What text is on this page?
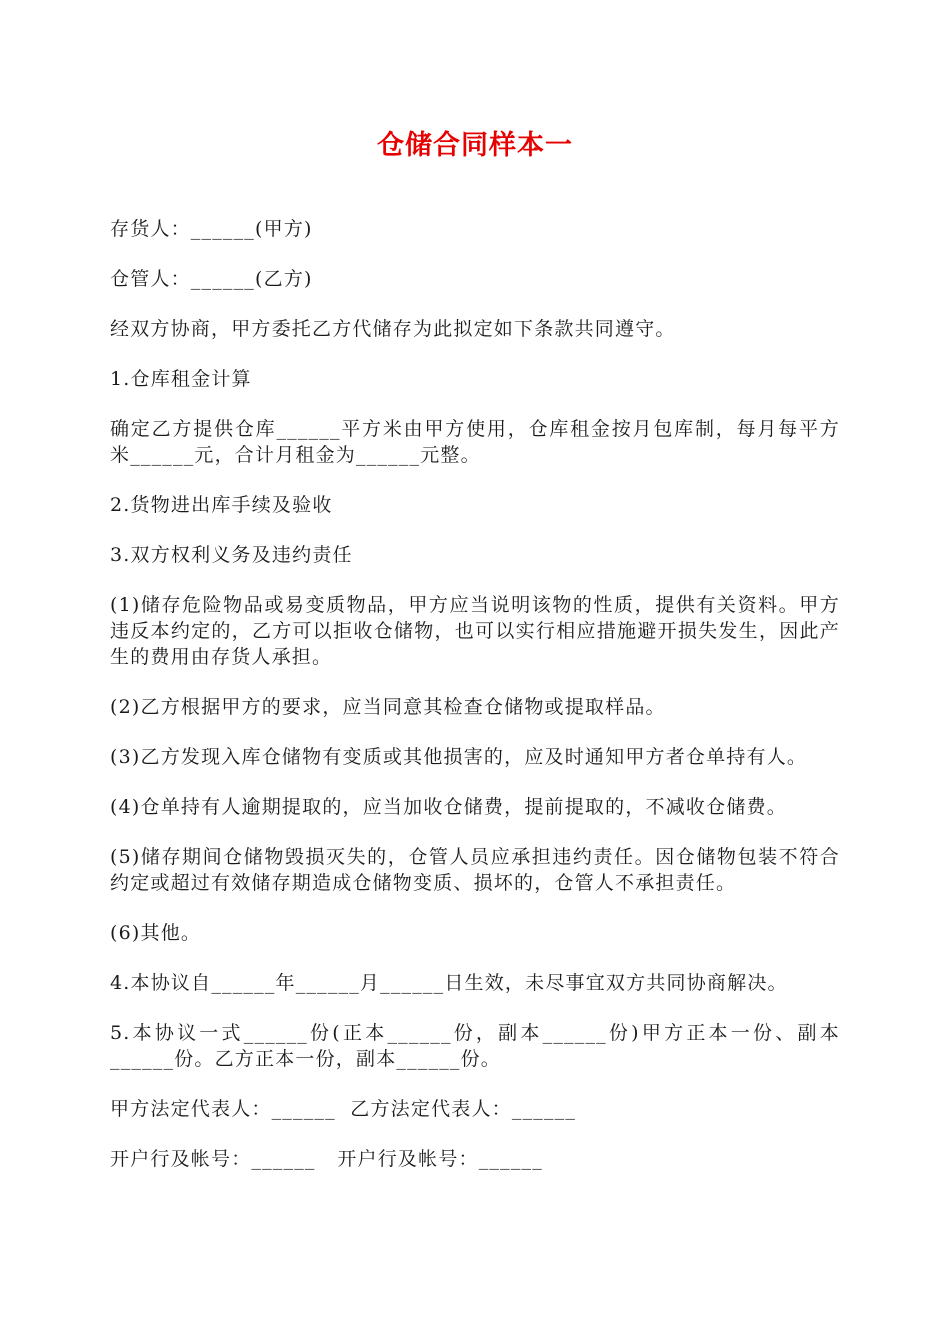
仓储合同样本一

存货人：______(甲方)

仓管人：______(乙方)

经双方协商，甲方委托乙方代储存为此拟定如下条款共同遵守。

1.仓库租金计算

确定乙方提供仓库______平方米由甲方使用，仓库租金按月包库制，每月每平方米______元，合计月租金为______元整。

2.货物进出库手续及验收

3.双方权利义务及违约责任

(1)储存危险物品或易变质物品，甲方应当说明该物的性质，提供有关资料。甲方违反本约定的，乙方可以拒收仓储物，也可以实行相应措施避开损失发生，因此产生的费用由存货人承担。

(2)乙方根据甲方的要求，应当同意其检查仓储物或提取样品。

(3)乙方发现入库仓储物有变质或其他损害的，应及时通知甲方者仓单持有人。

(4)仓单持有人逾期提取的，应当加收仓储费，提前提取的，不减收仓储费。

(5)储存期间仓储物毁损灭失的，仓管人员应承担违约责任。因仓储物包装不符合约定或超过有效储存期造成仓储物变质、损坏的，仓管人不承担责任。

(6)其他。

4.本协议自______年______月______日生效，未尽事宜双方共同协商解决。

5.本协议一式______份(正本______份，副本______份)甲方正本一份、副本______份。乙方正本一份，副本______份。

甲方法定代表人：______  乙方法定代表人：______

开户行及帐号：______   开户行及帐号：______
